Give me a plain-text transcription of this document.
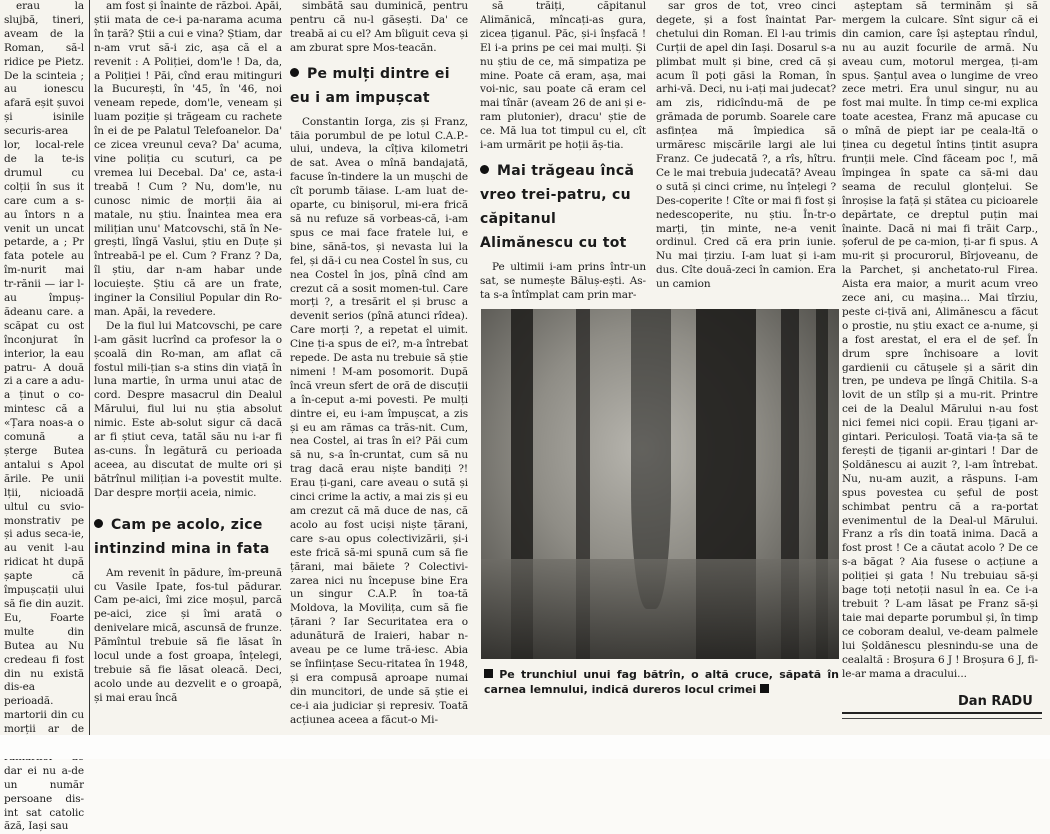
erau la slujbă, tineri, aveam de la Roman, să-l ridice pe Pietz. De la scinteia ; au ionescu afară eșit șuvoi și isinile securis-area lor, local-rele de la te-is drumul cu colții în sus it care cum a s-au întors n a venit un uncat petarde, a ; Pr fata potele au îm-nurit mai tr-rănii — iar l-au împuș-ădeanu care. a scăpat cu ost înconjurat în interior, la eau patru- A două zi a care a adu- a ținut o co-mintesc că a «Țara noas-a o comună a șterge Butea antalui s Apol ările. Pe unii lții, nicioadă ultul cu svio-monstrativ pe și adus seca-ie, au venit l-au ridicat ht după șapte că împușcații ului să fie din auzit. Eu, Foarte multe din Butea au Nu credeau fi fost din nu există dis-ea perioadă. martorii din cu morții ar de dar ei nu a-de un număr persoane dis-int sat catolic ăză, Iași sau

am fost și înainte de război. Apăi, știi mata de ce-i pa-narama acuma în țară? Știi a cui e vina? Știam, dar n-am vrut să-i zic, așa că el a revenit : A Poliției, dom'le ! Da, da, a Poliției ! Păi, cînd erau mitinguri la București, în '45, în '46, noi veneam repede, dom'le, veneam și luam poziție și trăgeam cu rachete în ei de pe Palatul Telefoanelor. Da' ce zicea vreunul ceva? Da' acuma, vine poliția cu scuturi, ca pe vremea lui Decebal. Da' ce, asta-i treabă ! Cum ? Nu, dom'le, nu cunosc nimic de morții ăia ai matale, nu știu. Înaintea mea era milițian unu' Matcovschi, stă în Ne-grești, lîngă Vaslui, știu en Duțe și întreabă-l pe el. Cum ? Franz ? Da, îl știu, dar n-am habar unde locuiește. Știu că are un frate, inginer la Consiliul Popular din Ro-man. Apăi, la revedere.

De la fiul lui Matcovschi, pe care l-am găsit lucrînd ca profesor la o școală din Ro-man, am aflat că fostul mili-țian s-a stins din viață în luna martie, în urma unui atac de cord. Despre masacrul din Dealul Mărului, fiul lui nu știa absolut nimic. Este ab-solut sigur că dacă ar fi știut ceva, tatăl său nu i-ar fi as-cuns. În legătură cu perioada aceea, au discutat de multe ori și bătrînul milițian i-a povestit multe. Dar despre morții aceia, nimic.

Cam pe acolo, zice intinzind mina in fata

Am revenit în pădure, îm-preună cu Vasile Ipate, fos-tul pădurar. Cam pe-aici, îmi zice moșul, parcă pe-aici, zice și îmi arată o denivelare mică, ascunsă de frunze. Pămîntul trebuie să fie lăsat în locul unde a fost groapa, înțelegi, trebuie să fie lăsat oleacă. Deci, acolo unde au dezvelit e o groapă, și mai erau încă

simbătă sau duminică, pentru pentru că nu-l găsești. Da' ce treabă ai cu el? Am bîiguit ceva și am zburat spre Mos-teacăn.

Pe mulți dintre ei eu i am impușcat

Constantin Iorga, zis și Franz, tăia porumbul de pe lotul C.A.P.-ului, undeva, la cîțiva kilometri de sat. Avea o mînă bandajată, facuse în-tindere la un mușchi de cît porumb tăiase. L-am luat de-oparte, cu binișorul, mi-era frică să nu refuze să vorbeas-că, i-am spus ce mai face fratele lui, e bine, sănă-tos, și nevasta lui la fel, și dă-i cu nea Costel în sus, cu nea Costel în jos, pînă cînd am crezut că a sosit momen-tul. Care morți ?, a tresărit el și brusc a devenit serios (pînă atunci rîdea). Care morți ?, a repetat el uimit. Cine ți-a spus de ei?, m-a întrebat repede. De asta nu trebuie să știe nimeni ! M-am posomorit. După încă vreun sfert de oră de discuții a în-ceput a-mi povesti. Pe mulți dintre ei, eu i-am împușcat, a zis și eu am rămas ca trăs-nit. Cum, nea Costel, ai tras în ei? Păi cum să nu, s-a în-cruntat, cum să nu trag dacă erau niște bandiți ?! Erau ți-gani, care aveau o sută și cinci crime la activ, a mai zis și eu am crezut că mă duce de nas, că acolo au fost uciși niște țărani, care s-au opus colectivizării, și-i este frică să-mi spună cum să fie țărani, mai băiete ? Colectivi-zarea nici nu începuse bine Era un singur C.A.P. în toa-tă Moldova, la Movilița, cum să fie țărani ? Iar Securitatea era o adunătură de Iraieri, habar n-aveau pe ce lume tră-iesc. Abia se înființase Secu-ritatea în 1948, și era compusă aproape numai din muncitori, de unde să știe ei ce-i aia judiciar și represiv. Toată acțiunea aceea a făcut-o Mi-

să trăiți, căpitanul Alimănică, mîncați-as gura, zicea țiganul. Păc, și-i înșfacă ! El i-a prins pe cei mai mulți. Și nu știu de ce, mă simpatiza pe mine. Poate că eram, așa, mai voi-nic, sau poate că eram cel mai tînăr (aveam 26 de ani și e-ram plutonier), dracu' știe de ce. Mă lua tot timpul cu el, cît i-am urmărit pe hoții ăș-tia.

Mai trăgeau încă vreo trei-patru, cu căpitanul Alimănescu cu tot

Pe ultimii i-am prins într-un sat, se numește Băluș-ești. As-ta s-a întîmplat cam prin mar-

Pe trunchiul unui fag bătrîn, o altă cruce, săpată în carnea lemnului, indică dureros locul crimei

sar gros de tot, vreo cinci degete, și a fost înaintat Par-chetului din Roman. El l-au trimis Curții de apel din Iași. Dosarul s-a plimbat mult și bine, cred că și acum îl poți găsi la Roman, în arhi-vă. Deci, nu i-ați mai judecat? am zis, ridicîndu-mă de pe grămada de porumb. Soarele care asfințea mă împiedica să urmăresc mișcările largi ale lui Franz. Ce judecată ?, a rîs, hîtru. Ce le mai trebuia judecată? Aveau o sută și cinci crime, nu înțelegi ? Des-coperite ! Cîte or mai fi fost și nedescoperite, nu știu. În-tr-o marți, țin minte, ne-a venit ordinul. Cred că era prin iunie. Nu mai țirziu. I-am luat și i-am dus. Cîte două-zeci în camion. Era un camion

așteptam să terminăm și să mergem la culcare. Sînt sigur că ei din camion, care își așteptau rîndul, nu au auzit focurile de armă. Nu aveau cum, motorul mergea, ți-am spus. Șanțul avea o lungime de vreo zece metri. Era unul singur, nu au fost mai multe. În timp ce-mi explica toate acestea, Franz mă apucase cu o mînă de piept iar pe ceala-ltă o ținea cu degetul întins țintit asupra frunții mele. Cînd făceam poc !, mă împingea în spate ca să-mi dau seama de reculul glonțelui. Se înroșise la față și stătea cu picioarele depărtate, ce dreptul puțin mai înainte. Dacă ni mai fi trăit Carp., șoferul de pe ca-mion, ți-ar fi spus. A mu-rit și procurorul, Bîrjoveanu, de la Parchet, și anchetato-rul Firea. Aista era maior, a murit acum vreo zece ani, cu mașina... Mai tîrziu, peste ci-țivă ani, Alimănescu a făcut o prostie, nu știu exact ce a-nume, și a fost arestat, el era el de șef. În drum spre închisoare a lovit gardienii cu cătușele și a sărit din tren, pe undeva pe lîngă Chitila. S-a lovit de un stîlp și a mu-rit. Printre cei de la Dealul Mărului n-au fost nici femei nici copii. Erau țigani ar-gintari. Periculoși. Toată via-ța să te ferești de țiganii ar-gintari ! Dar de Șoldănescu ai auzit ?, l-am întrebat. Nu, nu-am auzit, a răspuns. I-am spus povestea cu șeful de post schimbat pentru că a ra-portat evenimentul de la Deal-ul Mărului. Franz a rîs din toată inima. Dacă a fost prost ! Ce a căutat acolo ? De ce s-a băgat ? Aia fusese o acțiune a poliției și gata ! Nu trebuiau să-și bage toți netoții nasul în ea. Ce i-a trebuit ? L-am lăsat pe Franz să-și taie mai departe porumbul și, în timp ce coboram dealul, ve-deam palmele lui Șoldănescu plesnindu-se una de cealaltă : Broșura 6 J ! Broșura 6 J, fi-le-ar mama a dracului...

Dan RADU
